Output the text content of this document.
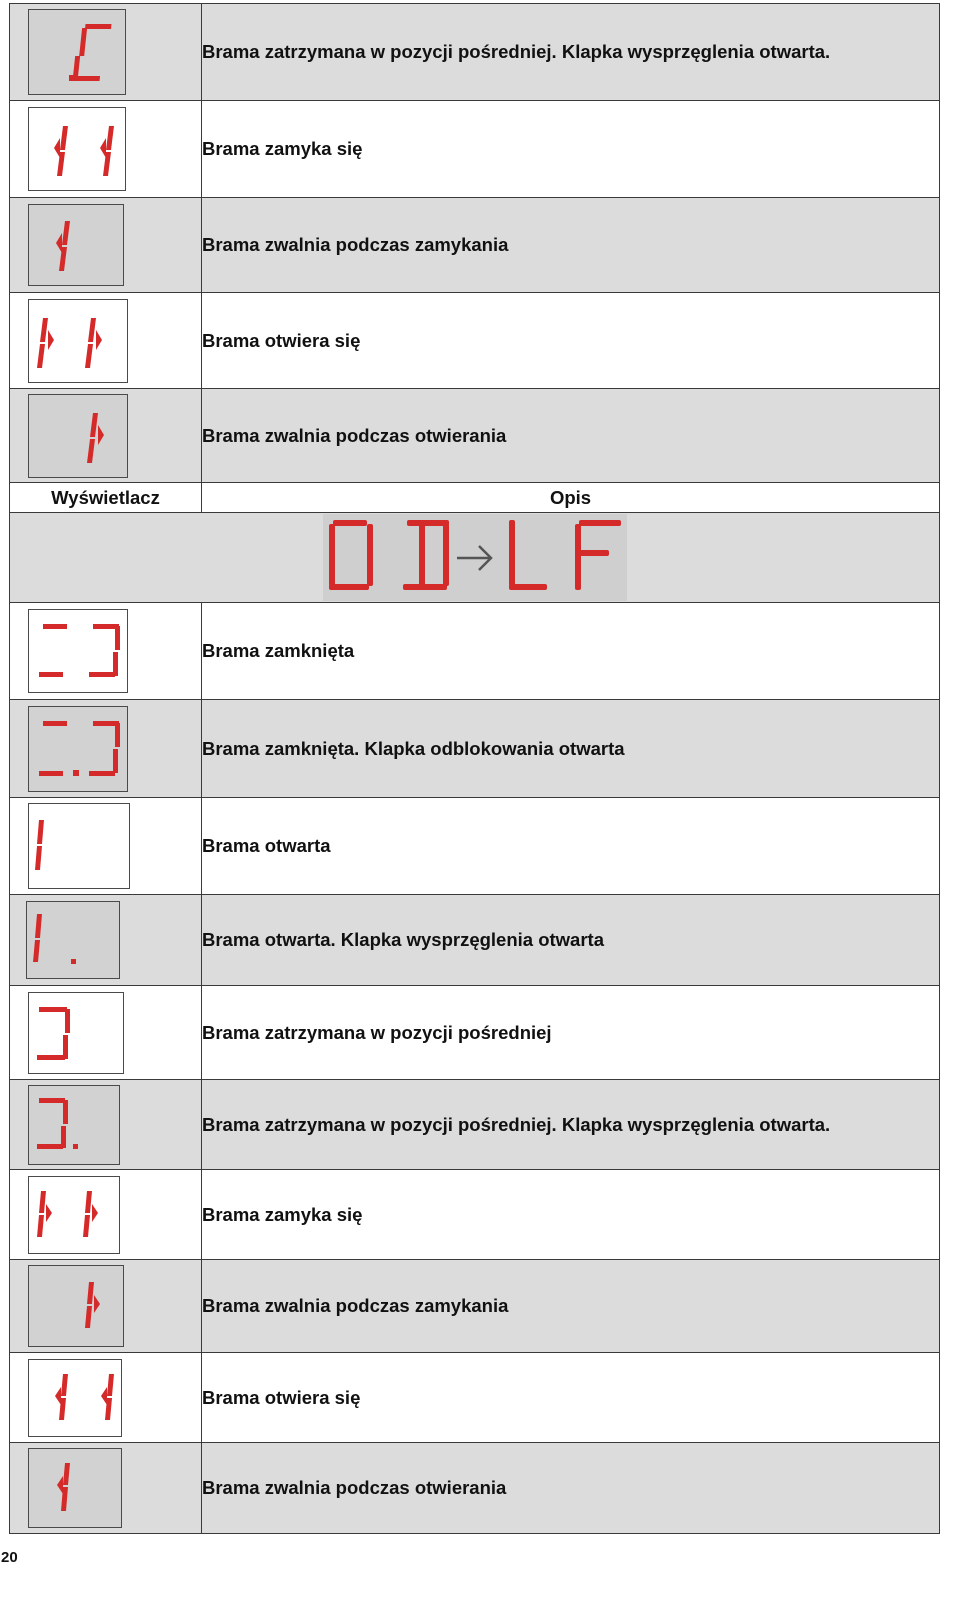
	Brama zatrzymana w pozycji pośredniej. Klapka wysprzęglenia otwarta.

	Brama zamyka się

	Brama zwalnia podczas zamykania

	Brama otwiera się

	Brama zwalnia podczas otwierania
Wyświetlacz	Opis

	Brama zamknięta

	Brama zamknięta. Klapka odblokowania otwarta

	Brama otwarta

	Brama otwarta. Klapka wysprzęglenia otwarta

	Brama zatrzymana w pozycji pośredniej

	Brama zatrzymana w pozycji pośredniej. Klapka wysprzęglenia otwarta.

	Brama zamyka się

	Brama zwalnia podczas zamykania

	Brama otwiera się

	Brama zwalnia podczas otwierania
20
